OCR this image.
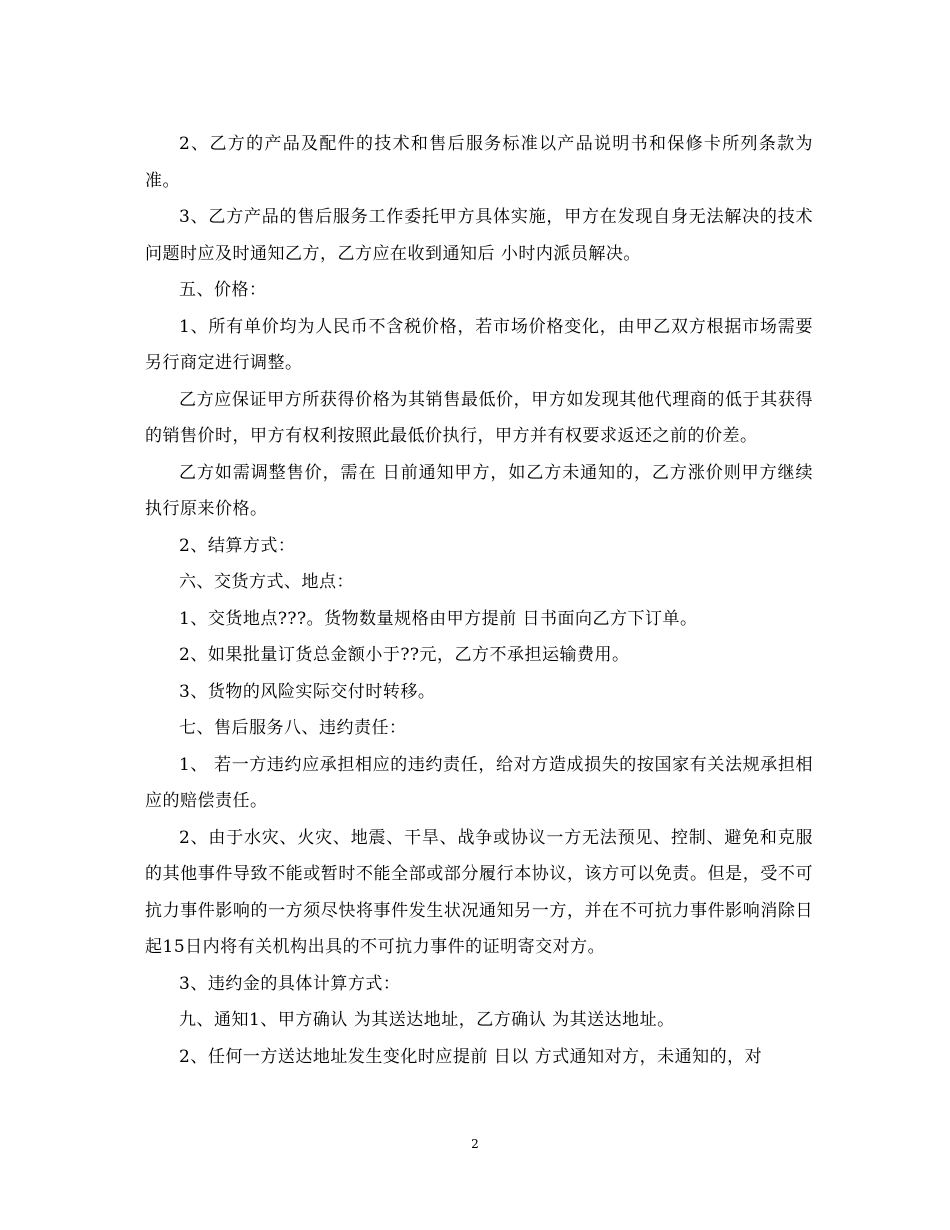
2、乙方的产品及配件的技术和售后服务标准以产品说明书和保修卡所列条款为准。

3、乙方产品的售后服务工作委托甲方具体实施，甲方在发现自身无法解决的技术问题时应及时通知乙方，乙方应在收到通知后 小时内派员解决。

五、价格：

1、所有单价均为人民币不含税价格，若市场价格变化，由甲乙双方根据市场需要另行商定进行调整。

乙方应保证甲方所获得价格为其销售最低价，甲方如发现其他代理商的低于其获得的销售价时，甲方有权利按照此最低价执行，甲方并有权要求返还之前的价差。

乙方如需调整售价，需在 日前通知甲方，如乙方未通知的，乙方涨价则甲方继续执行原来价格。

2、结算方式：

六、交货方式、地点：

1、交货地点???。货物数量规格由甲方提前 日书面向乙方下订单。

2、如果批量订货总金额小于??元，乙方不承担运输费用。

3、货物的风险实际交付时转移。

七、售后服务八、违约责任：

1、 若一方违约应承担相应的违约责任，给对方造成损失的按国家有关法规承担相应的赔偿责任。

2、由于水灾、火灾、地震、干旱、战争或协议一方无法预见、控制、避免和克服的其他事件导致不能或暂时不能全部或部分履行本协议，该方可以免责。但是，受不可抗力事件影响的一方须尽快将事件发生状况通知另一方，并在不可抗力事件影响消除日起15日内将有关机构出具的不可抗力事件的证明寄交对方。

3、违约金的具体计算方式：

九、通知1、甲方确认 为其送达地址，乙方确认 为其送达地址。

2、任何一方送达地址发生变化时应提前 日以 方式通知对方，未通知的，对

2
